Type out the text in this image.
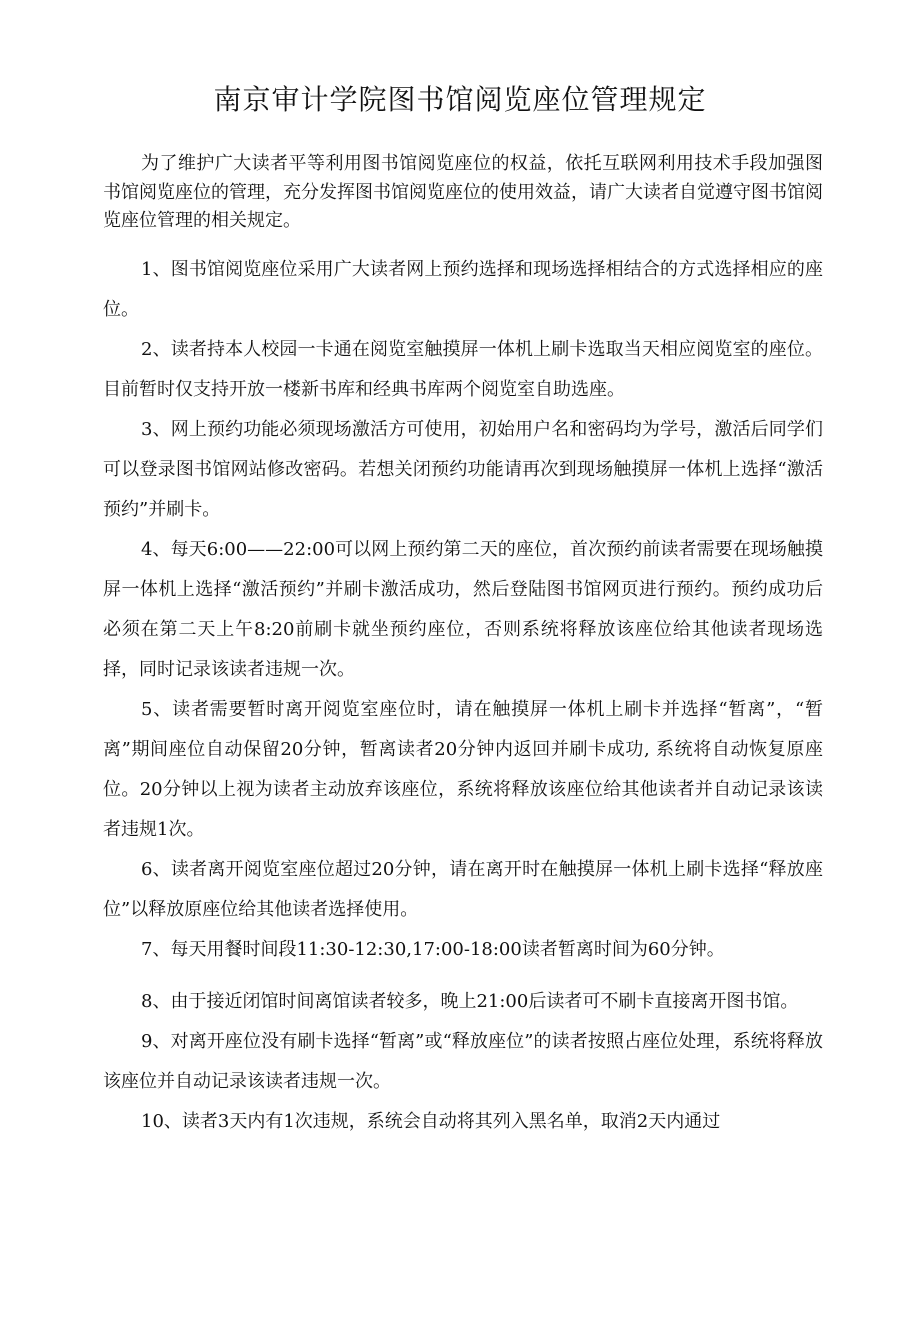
南京审计学院图书馆阅览座位管理规定

为了维护广大读者平等利用图书馆阅览座位的权益，依托互联网利用技术手段加强图书馆阅览座位的管理，充分发挥图书馆阅览座位的使用效益，请广大读者自觉遵守图书馆阅览座位管理的相关规定。

1、图书馆阅览座位采用广大读者网上预约选择和现场选择相结合的方式选择相应的座位。

2、读者持本人校园一卡通在阅览室触摸屏一体机上刷卡选取当天相应阅览室的座位。目前暂时仅支持开放一楼新书库和经典书库两个阅览室自助选座。

3、网上预约功能必须现场激活方可使用，初始用户名和密码均为学号，激活后同学们可以登录图书馆网站修改密码。若想关闭预约功能请再次到现场触摸屏一体机上选择“激活预约”并刷卡。

4、每天6:00——22:00可以网上预约第二天的座位，首次预约前读者需要在现场触摸屏一体机上选择“激活预约”并刷卡激活成功，然后登陆图书馆网页进行预约。预约成功后必须在第二天上午8:20前刷卡就坐预约座位，否则系统将释放该座位给其他读者现场选择，同时记录该读者违规一次。

5、读者需要暂时离开阅览室座位时，请在触摸屏一体机上刷卡并选择“暂离”，“暂离”期间座位自动保留20分钟，暂离读者20分钟内返回并刷卡成功, 系统将自动恢复原座位。20分钟以上视为读者主动放弃该座位，系统将释放该座位给其他读者并自动记录该读者违规1次。

6、读者离开阅览室座位超过20分钟，请在离开时在触摸屏一体机上刷卡选择“释放座位”以释放原座位给其他读者选择使用。

7、每天用餐时间段11:30-12:30,17:00-18:00读者暂离时间为60分钟。

8、由于接近闭馆时间离馆读者较多，晚上21:00后读者可不刷卡直接离开图书馆。

9、对离开座位没有刷卡选择“暂离”或“释放座位”的读者按照占座位处理，系统将释放该座位并自动记录该读者违规一次。

10、读者3天内有1次违规，系统会自动将其列入黑名单，取消2天内通过
